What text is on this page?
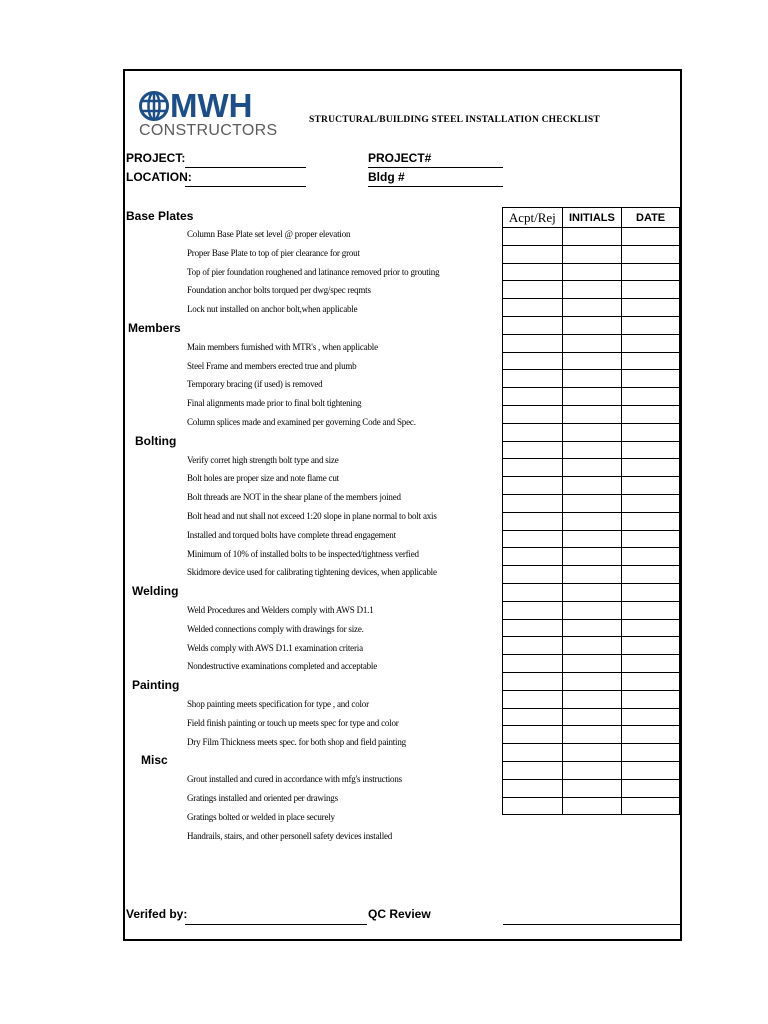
MWH
CONSTRUCTORS
STRUCTURAL/BUILDING STEEL INSTALLATION CHECKLIST
PROJECT:	PROJECT#
LOCATION:	Bldg #
Base Plates
Column Base Plate set level @ proper elevation
Proper Base Plate to top of pier clearance for grout
Top of pier foundation roughened and latinance removed prior to grouting
Foundation anchor bolts torqued per dwg/spec reqmts
Lock nut installed on anchor bolt,when applicable
Members
Main members furnished with MTR's , when applicable
Steel Frame and members erected true and plumb
Temporary bracing (if used) is removed
Final alignments made prior to final bolt tightening
Column splices made and examined per governing Code and Spec.
Bolting
Verify corret high strength bolt type and size
Bolt holes are proper size and note flame cut
Bolt threads are NOT in the shear plane of the members joined
Bolt head and nut shall not exceed 1:20 slope in plane normal to bolt axis
Installed and torqued bolts have complete thread engagement
Minimum of 10% of installed bolts to be inspected/tightness verfied
Skidmore device used for calibrating tightening devices, when applicable
Welding
Weld Procedures and Welders comply with AWS D1.1
Welded connections comply with drawings for size.
Welds comply with AWS D1.1 examination criteria
Nondestructive examinations completed and acceptable
Painting
Shop painting meets specification for type , and color
Field finish painting or touch up meets spec for type and color
Dry Film Thickness meets spec. for both shop and field painting
Misc
Grout installed and cured in accordance with mfg's instructions
Gratings installed and oriented per drawings
Gratings bolted or welded in place securely
Handrails, stairs, and other personell safety devices installed
Acpt/Rej	INITIALS	DATE

Verifed by:	QC Review
